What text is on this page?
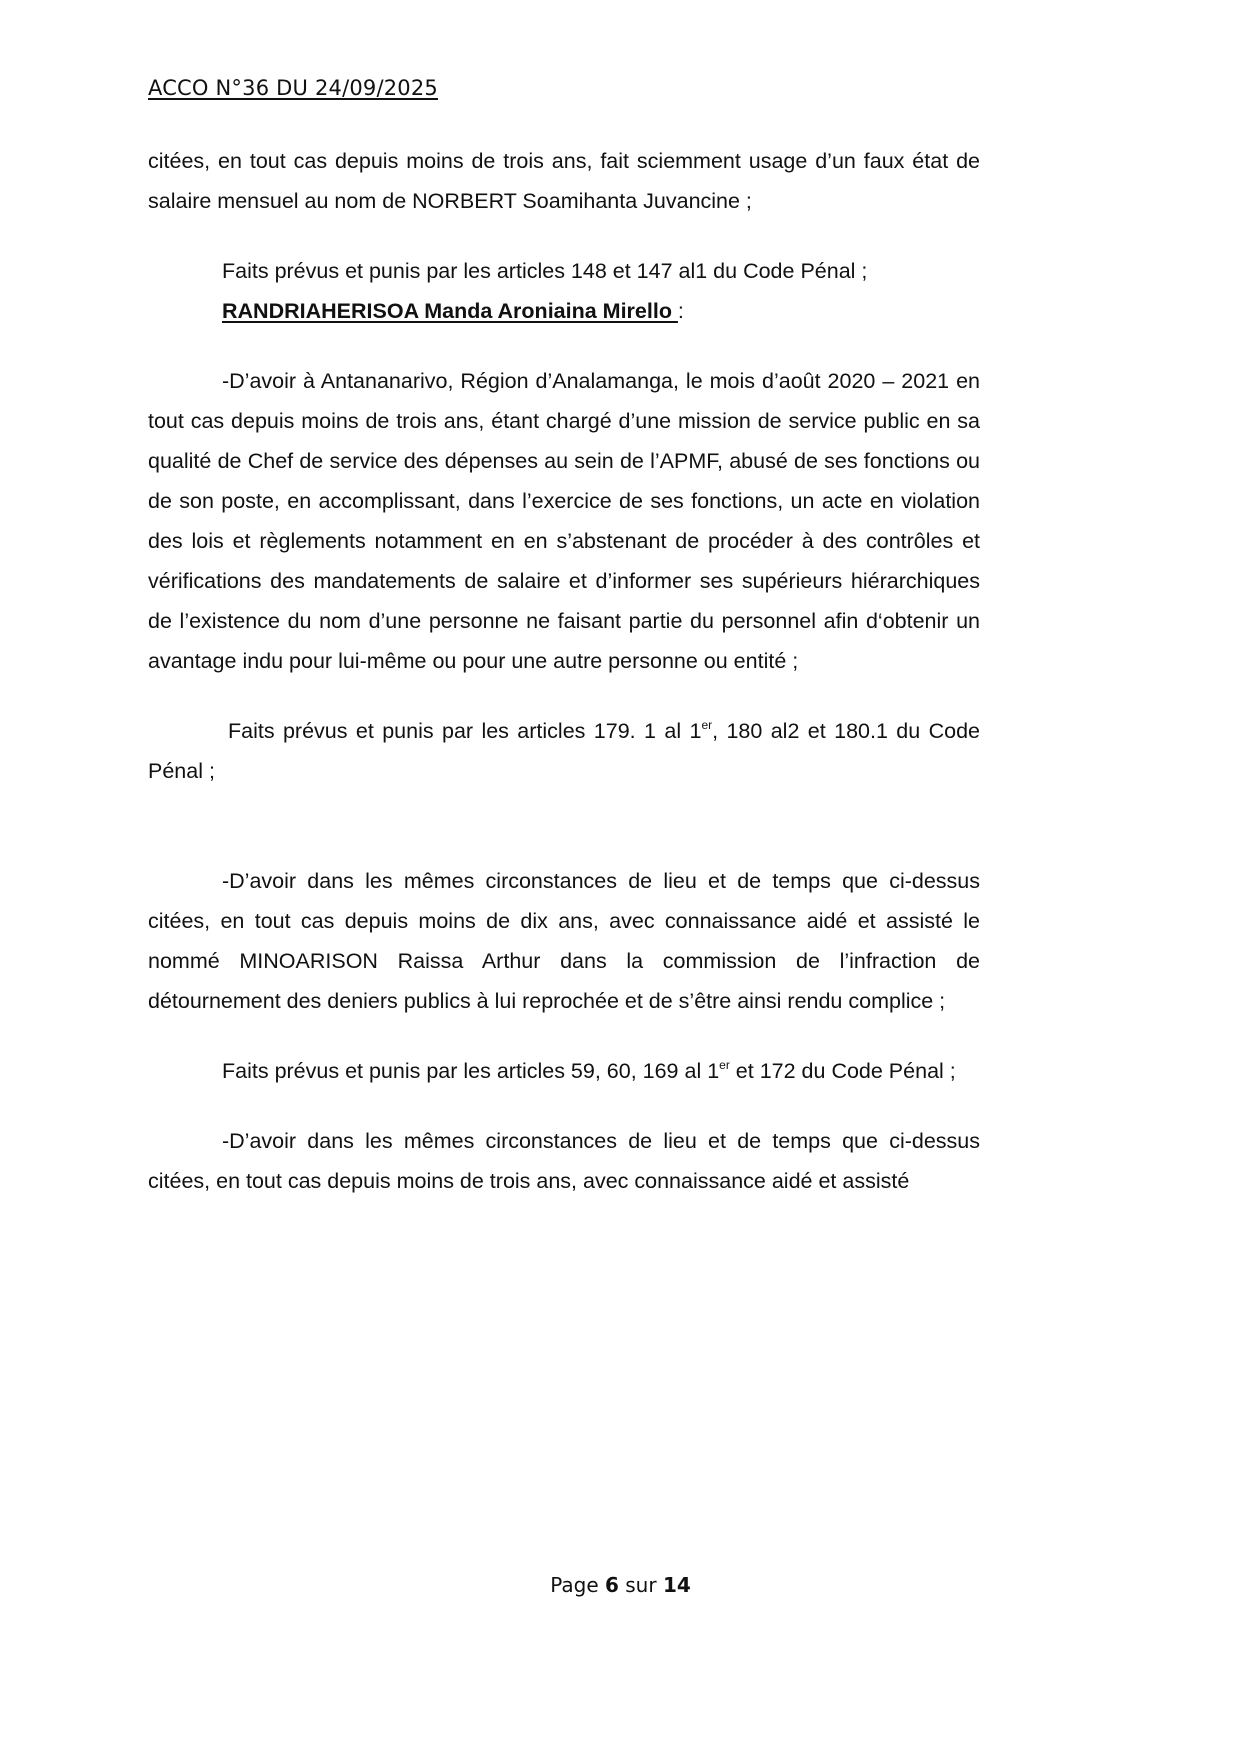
ACCO N°36 DU 24/09/2025

citées, en tout cas depuis moins de trois ans, fait sciemment usage d’un faux état de salaire mensuel au nom de NORBERT Soamihanta Juvancine ;

Faits prévus et punis par les articles 148 et 147 al1 du Code Pénal ;

RANDRIAHERISOA Manda Aroniaina Mirello :

-D’avoir à Antananarivo, Région d’Analamanga, le mois d’août 2020 – 2021 en tout cas depuis moins de trois ans, étant chargé d’une mission de service public en sa qualité de Chef de service des dépenses au sein de l’APMF, abusé de ses fonctions ou de son poste, en accomplissant, dans l’exercice de ses fonctions, un acte en violation des lois et règlements notamment en en s’abstenant de procéder à des contrôles et vérifications des mandatements de salaire et d’informer ses supérieurs hiérarchiques de l’existence du nom d’une personne ne faisant partie du personnel afin d‘obtenir un avantage indu pour lui-même ou pour une autre personne ou entité ;

Faits prévus et punis par les articles 179. 1 al 1er, 180 al2 et 180.1 du Code Pénal ;

-D’avoir dans les mêmes circonstances de lieu et de temps que ci-dessus citées, en tout cas depuis moins de dix ans, avec connaissance aidé et assisté le nommé MINOARISON Raissa Arthur dans la commission de l’infraction de détournement des deniers publics à lui reprochée et de s’être ainsi rendu complice ;

Faits prévus et punis par les articles 59, 60, 169 al 1er et 172 du Code Pénal ;

-D’avoir dans les mêmes circonstances de lieu et de temps que ci-dessus citées, en tout cas depuis moins de trois ans, avec connaissance aidé et assisté

Page 6 sur 14
